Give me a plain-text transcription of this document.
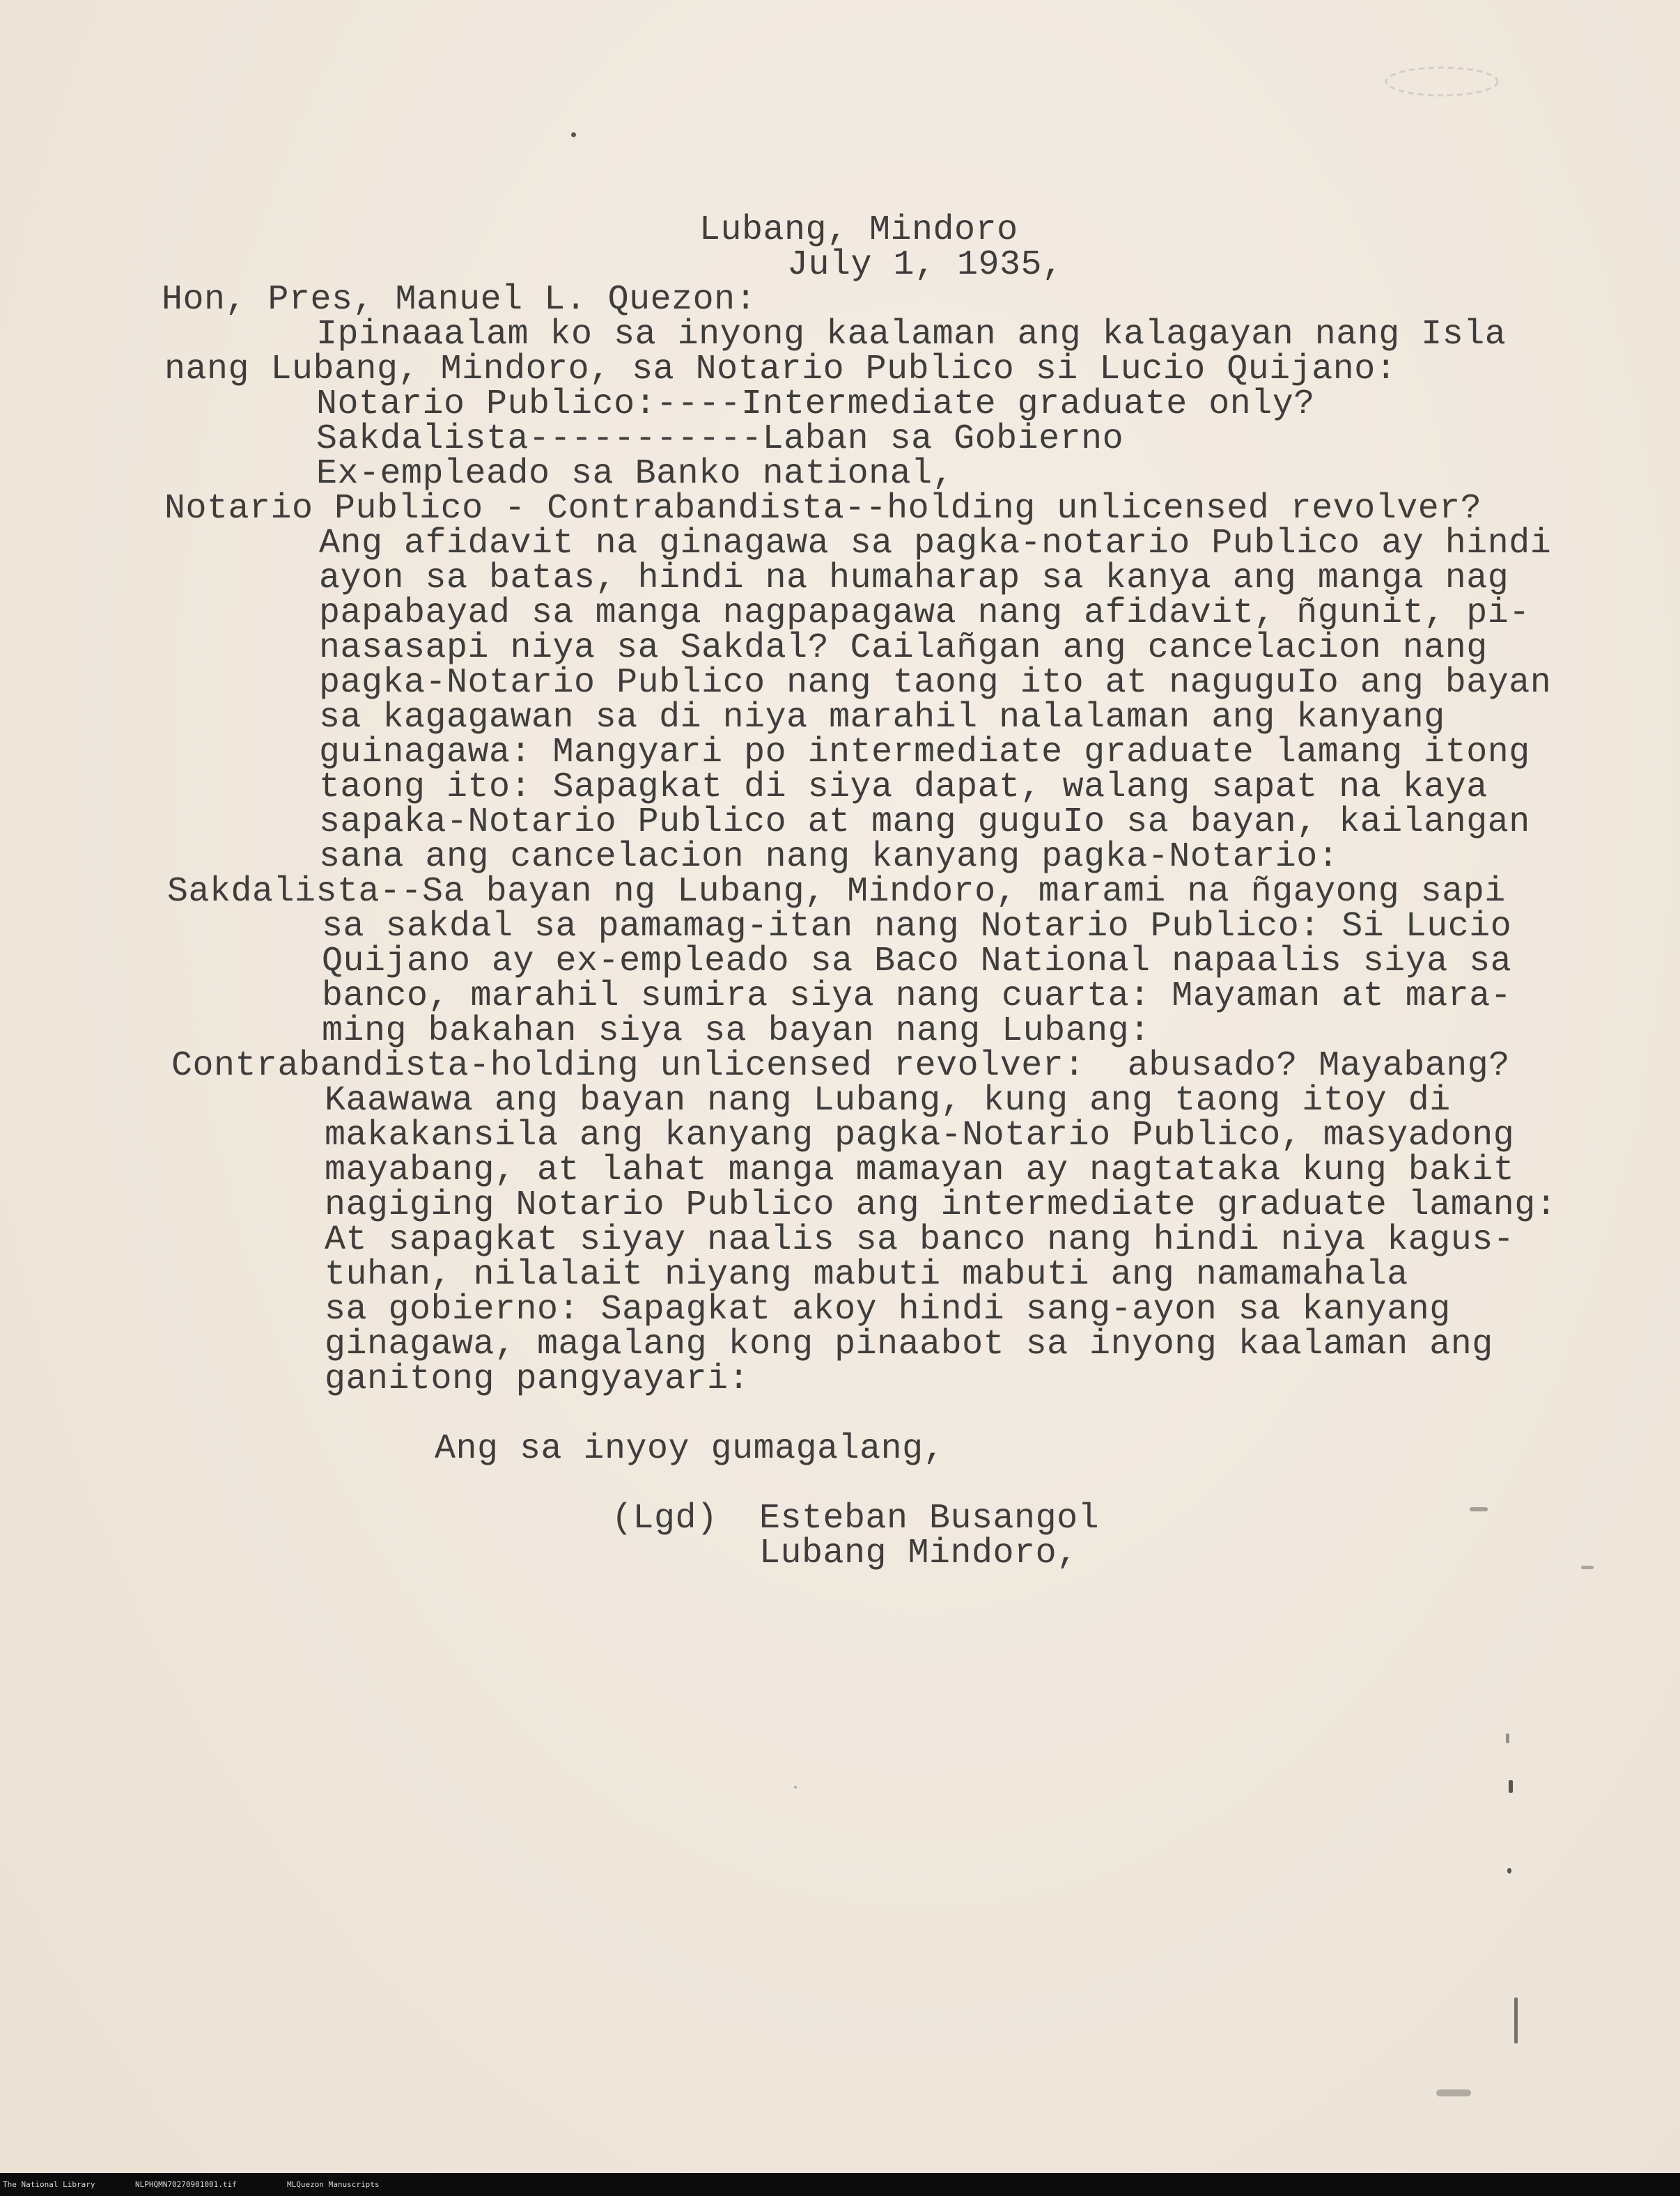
Lubang, Mindoro
July 1, 1935,
Hon, Pres, Manuel L. Quezon:
Ipinaaalam ko sa inyong kaalaman ang kalagayan nang Isla
nang Lubang, Mindoro, sa Notario Publico si Lucio Quijano:
Notario Publico:----Intermediate graduate only?
Sakdalista-----------Laban sa Gobierno
Ex-empleado sa Banko national,
Notario Publico - Contrabandista--holding unlicensed revolver?
Ang afidavit na ginagawa sa pagka-notario Publico ay hindi
ayon sa batas, hindi na humaharap sa kanya ang manga nag
papabayad sa manga nagpapagawa nang afidavit, ñgunit, pi-
nasasapi niya sa Sakdal? Cailañgan ang cancelacion nang
pagka-Notario Publico nang taong ito at naguguIo ang bayan
sa kagagawan sa di niya marahil nalalaman ang kanyang
guinagawa: Mangyari po intermediate graduate lamang itong
taong ito: Sapagkat di siya dapat, walang sapat na kaya
sapaka-Notario Publico at mang guguIo sa bayan, kailangan
sana ang cancelacion nang kanyang pagka-Notario:
Sakdalista--Sa bayan ng Lubang, Mindoro, marami na ñgayong sapi
sa sakdal sa pamamag-itan nang Notario Publico: Si Lucio
Quijano ay ex-empleado sa Baco National napaalis siya sa
banco, marahil sumira siya nang cuarta: Mayaman at mara-
ming bakahan siya sa bayan nang Lubang:
Contrabandista-holding unlicensed revolver:  abusado? Mayabang?
Kaawawa ang bayan nang Lubang, kung ang taong itoy di
makakansila ang kanyang pagka-Notario Publico, masyadong
mayabang, at lahat manga mamayan ay nagtataka kung bakit
nagiging Notario Publico ang intermediate graduate lamang:
At sapagkat siyay naalis sa banco nang hindi niya kagus-
tuhan, nilalait niyang mabuti mabuti ang namamahala
sa gobierno: Sapagkat akoy hindi sang-ayon sa kanyang
ginagawa, magalang kong pinaabot sa inyong kaalaman ang
ganitong pangyayari:
Ang sa inyoy gumagalang,
(Lgd) Esteban Busangol
Lubang Mindoro,
The National Library	NLPHQMN70270901001.tif	MLQuezon Manuscripts
